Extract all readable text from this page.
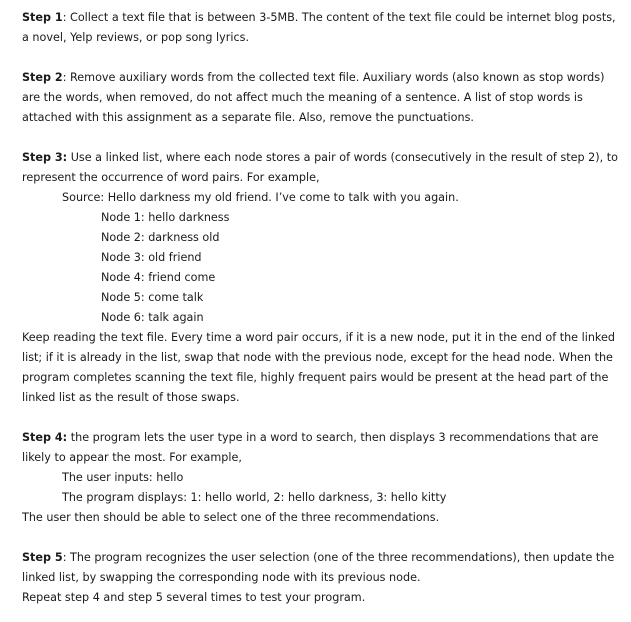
Step 1: Collect a text file that is between 3-5MB. The content of the text file could be internet blog posts,
a novel, Yelp reviews, or pop song lyrics.
Step 2: Remove auxiliary words from the collected text file. Auxiliary words (also known as stop words)
are the words, when removed, do not affect much the meaning of a sentence. A list of stop words is
attached with this assignment as a separate file. Also, remove the punctuations.
Step 3: Use a linked list, where each node stores a pair of words (consecutively in the result of step 2), to
represent the occurrence of word pairs. For example,
Source: Hello darkness my old friend. I’ve come to talk with you again.
Node 1: hello darkness
Node 2: darkness old
Node 3: old friend
Node 4: friend come
Node 5: come talk
Node 6: talk again
Keep reading the text file. Every time a word pair occurs, if it is a new node, put it in the end of the linked
list; if it is already in the list, swap that node with the previous node, except for the head node. When the
program completes scanning the text file, highly frequent pairs would be present at the head part of the
linked list as the result of those swaps.
Step 4: the program lets the user type in a word to search, then displays 3 recommendations that are
likely to appear the most. For example,
The user inputs: hello
The program displays: 1: hello world, 2: hello darkness, 3: hello kitty
The user then should be able to select one of the three recommendations.
Step 5: The program recognizes the user selection (one of the three recommendations), then update the
linked list, by swapping the corresponding node with its previous node.
Repeat step 4 and step 5 several times to test your program.
